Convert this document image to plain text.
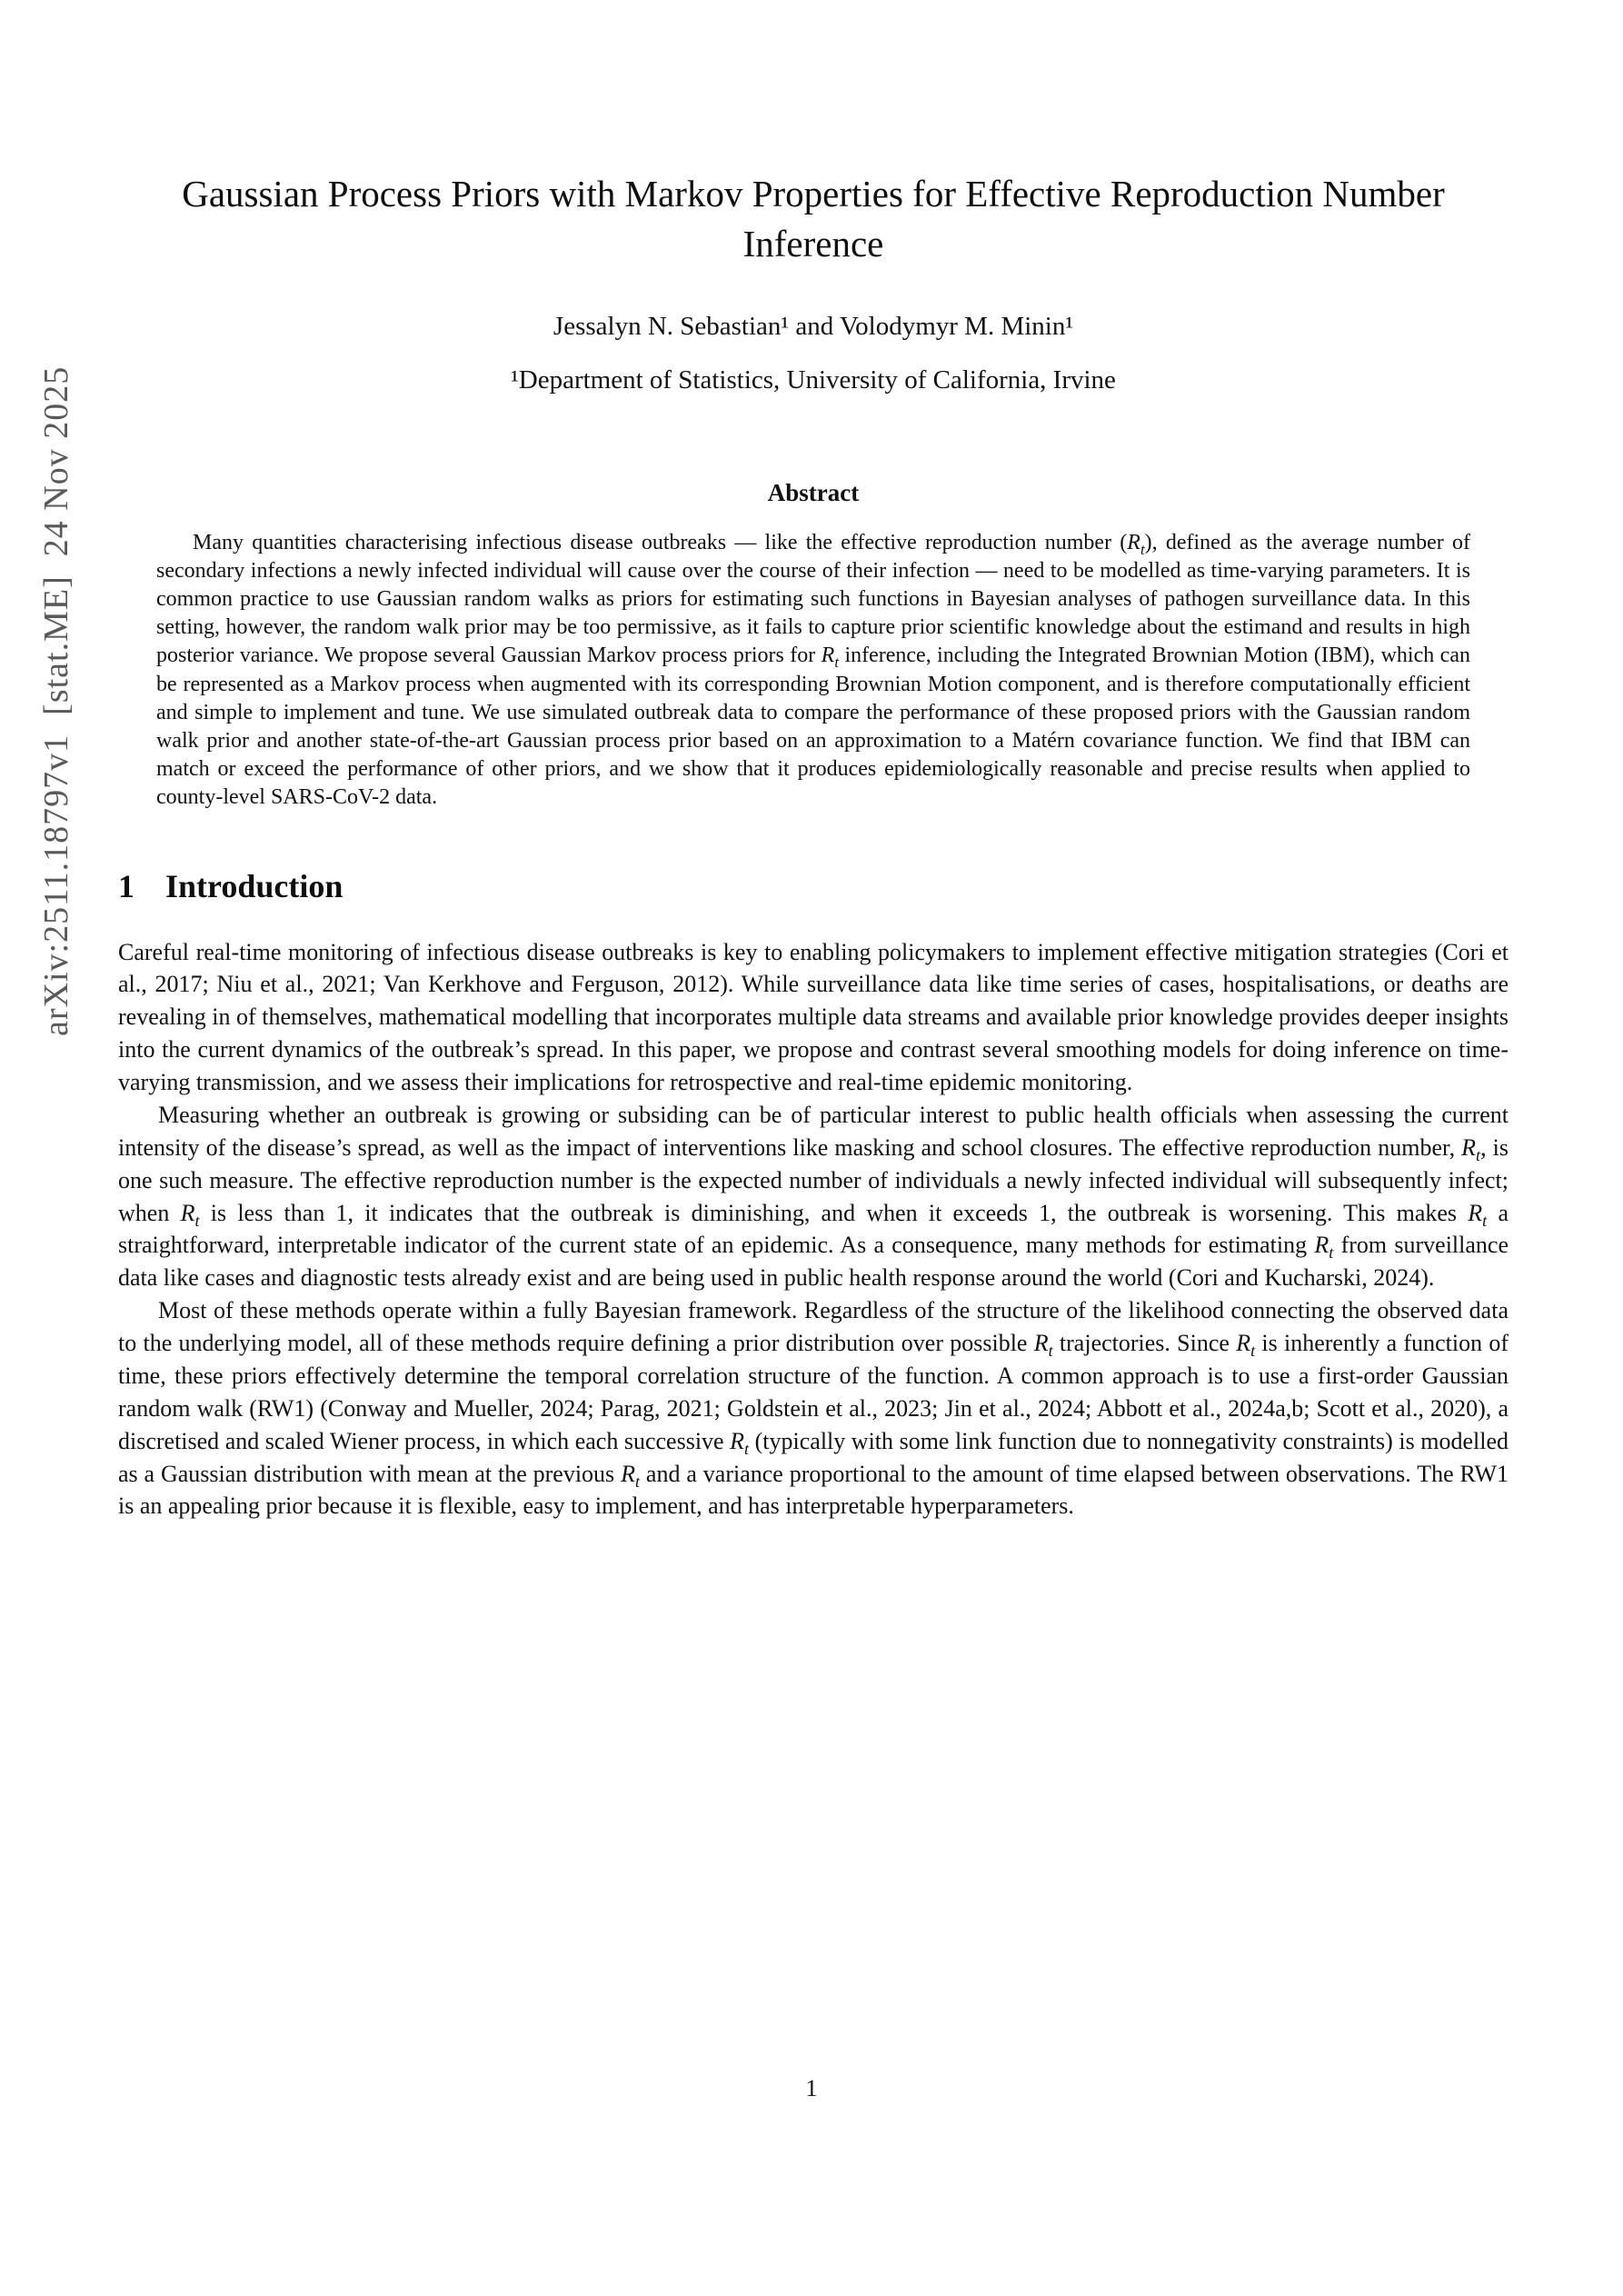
arXiv:2511.18797v1  [stat.ME]  24 Nov 2025
Gaussian Process Priors with Markov Properties for Effective Reproduction Number Inference
Jessalyn N. Sebastian¹ and Volodymyr M. Minin¹
¹Department of Statistics, University of California, Irvine
Abstract
Many quantities characterising infectious disease outbreaks — like the effective reproduction number $(R_t)$, defined as the average number of secondary infections a newly infected individual will cause over the course of their infection — need to be modelled as time-varying parameters. It is common practice to use Gaussian random walks as priors for estimating such functions in Bayesian analyses of pathogen surveillance data. In this setting, however, the random walk prior may be too permissive, as it fails to capture prior scientific knowledge about the estimand and results in high posterior variance. We propose several Gaussian Markov process priors for $R_t$ inference, including the Integrated Brownian Motion (IBM), which can be represented as a Markov process when augmented with its corresponding Brownian Motion component, and is therefore computationally efficient and simple to implement and tune. We use simulated outbreak data to compare the performance of these proposed priors with the Gaussian random walk prior and another state-of-the-art Gaussian process prior based on an approximation to a Matérn covariance function. We find that IBM can match or exceed the performance of other priors, and we show that it produces epidemiologically reasonable and precise results when applied to county-level SARS-CoV-2 data.
1 Introduction

Careful real-time monitoring of infectious disease outbreaks is key to enabling policymakers to implement effective mitigation strategies (Cori et al., 2017; Niu et al., 2021; Van Kerkhove and Ferguson, 2012). While surveillance data like time series of cases, hospitalisations, or deaths are revealing in of themselves, mathematical modelling that incorporates multiple data streams and available prior knowledge provides deeper insights into the current dynamics of the outbreak’s spread. In this paper, we propose and contrast several smoothing models for doing inference on time-varying transmission, and we assess their implications for retrospective and real-time epidemic monitoring.

Measuring whether an outbreak is growing or subsiding can be of particular interest to public health officials when assessing the current intensity of the disease’s spread, as well as the impact of interventions like masking and school closures. The effective reproduction number, $R_t$, is one such measure. The effective reproduction number is the expected number of individuals a newly infected individual will subsequently infect; when $R_t$ is less than 1, it indicates that the outbreak is diminishing, and when it exceeds 1, the outbreak is worsening. This makes $R_t$ a straightforward, interpretable indicator of the current state of an epidemic. As a consequence, many methods for estimating $R_t$ from surveillance data like cases and diagnostic tests already exist and are being used in public health response around the world (Cori and Kucharski, 2024).

Most of these methods operate within a fully Bayesian framework. Regardless of the structure of the likelihood connecting the observed data to the underlying model, all of these methods require defining a prior distribution over possible $R_t$ trajectories. Since $R_t$ is inherently a function of time, these priors effectively determine the temporal correlation structure of the function. A common approach is to use a first-order Gaussian random walk (RW1) (Conway and Mueller, 2024; Parag, 2021; Goldstein et al., 2023; Jin et al., 2024; Abbott et al., 2024a,b; Scott et al., 2020), a discretised and scaled Wiener process, in which each successive $R_t$ (typically with some link function due to nonnegativity constraints) is modelled as a Gaussian distribution with mean at the previous $R_t$ and a variance proportional to the amount of time elapsed between observations. The RW1 is an appealing prior because it is flexible, easy to implement, and has interpretable hyperparameters.

1
